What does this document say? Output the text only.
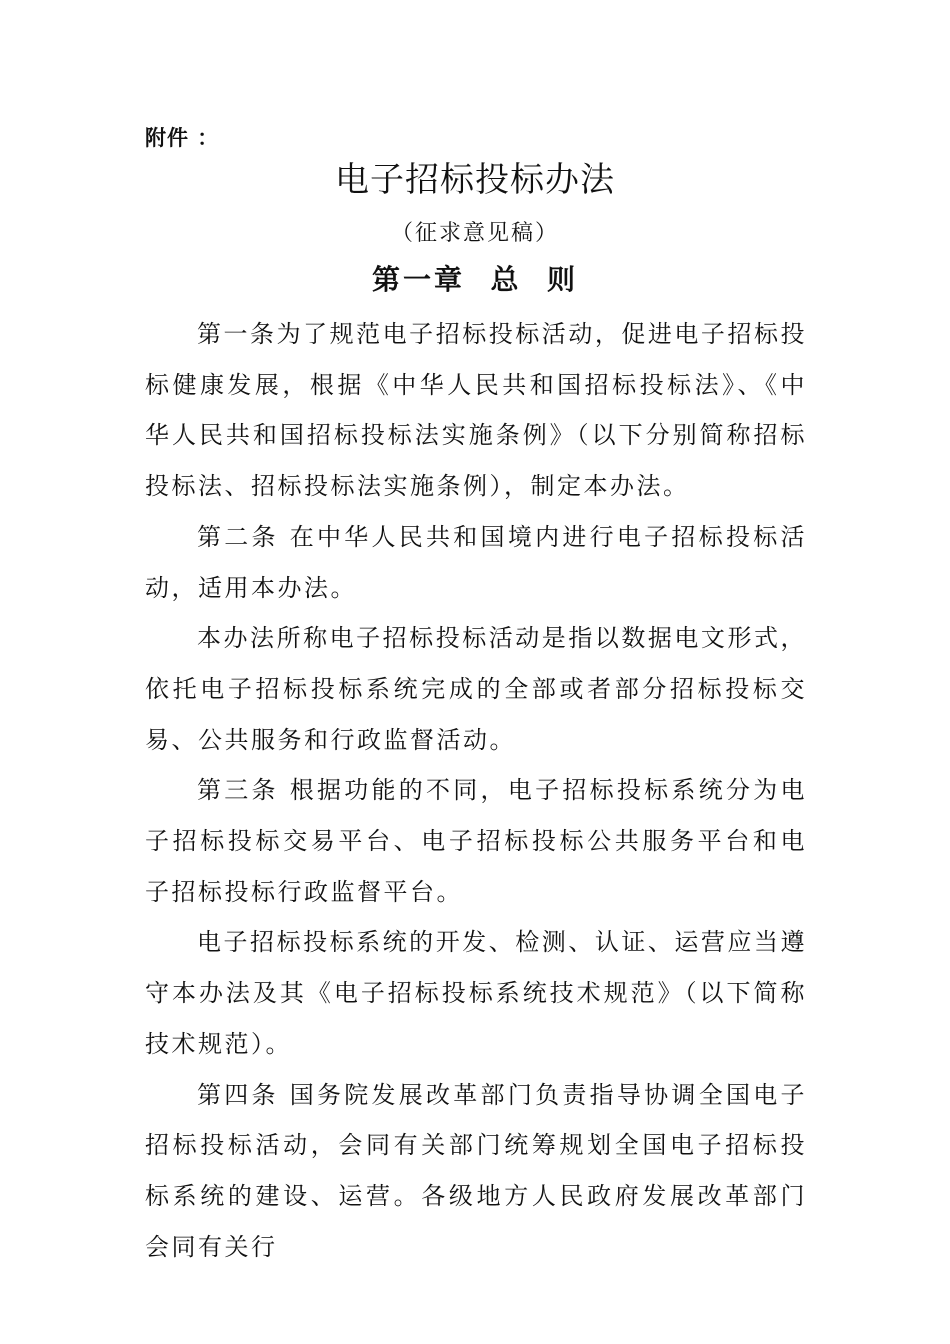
附件 ：
电子招标投标办法
（征求意见稿）
第一章  总  则

第一条为了规范电子招标投标活动，促进电子招标投标健康发展，根据《中华人民共和国招标投标法》、《中华人民共和国招标投标法实施条例》（以下分别简称招标投标法、招标投标法实施条例），制定本办法。

第二条 在中华人民共和国境内进行电子招标投标活动，适用本办法。

本办法所称电子招标投标活动是指以数据电文形式，依托电子招标投标系统完成的全部或者部分招标投标交易、公共服务和行政监督活动。

第三条 根据功能的不同，电子招标投标系统分为电子招标投标交易平台、电子招标投标公共服务平台和电子招标投标行政监督平台。

电子招标投标系统的开发、检测、认证、运营应当遵守本办法及其《电子招标投标系统技术规范》（以下简称技术规范）。

第四条 国务院发展改革部门负责指导协调全国电子招标投标活动，会同有关部门统筹规划全国电子招标投标系统的建设、运营。各级地方人民政府发展改革部门会同有关行
